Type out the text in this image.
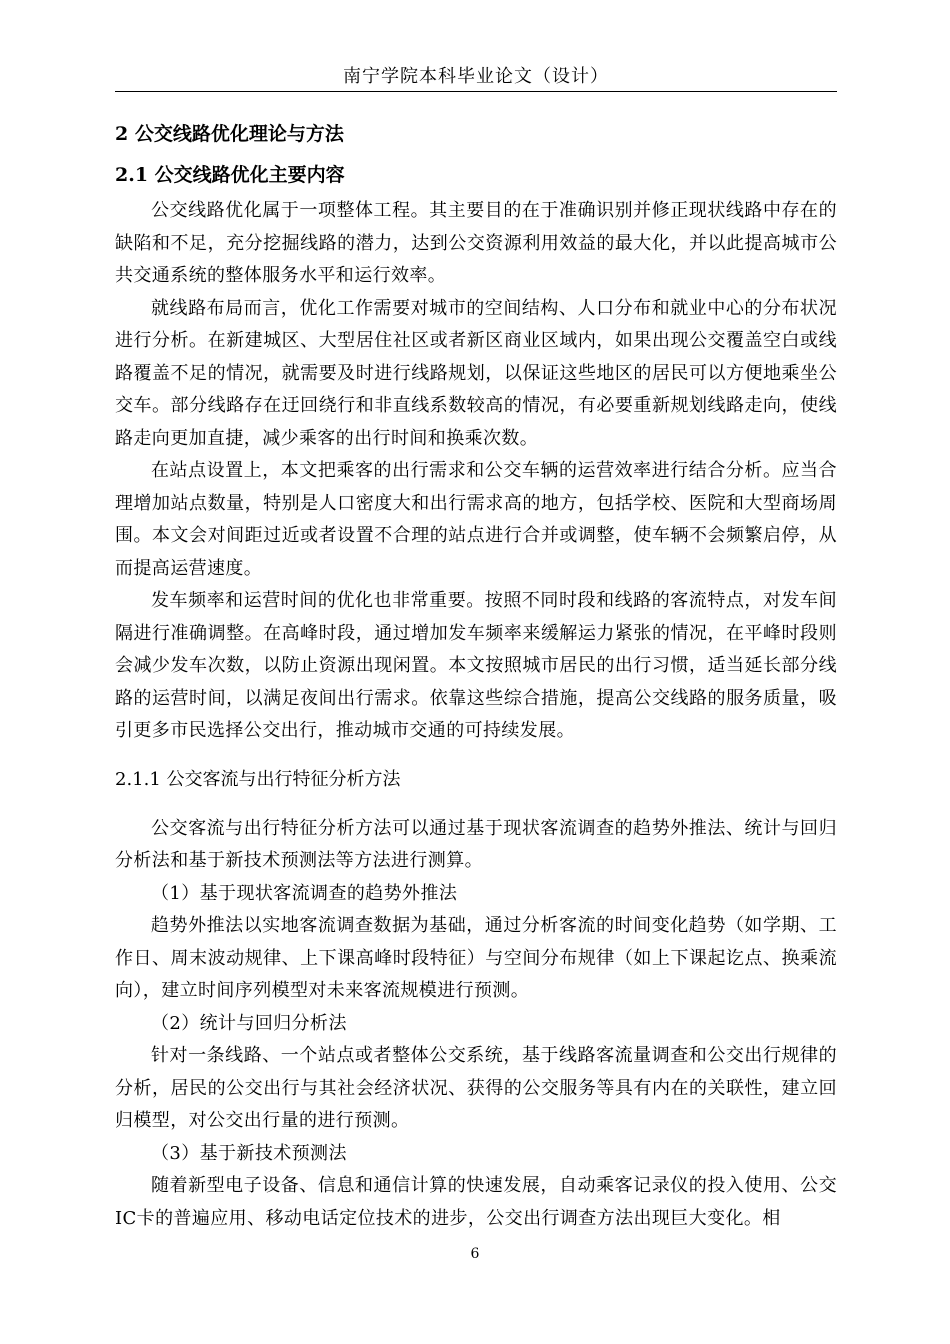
南宁学院本科毕业论文（设计）
2 公交线路优化理论与方法
2.1 公交线路优化主要内容

公交线路优化属于一项整体工程。其主要目的在于准确识别并修正现状线路中存在的缺陷和不足，充分挖掘线路的潜力，达到公交资源利用效益的最大化，并以此提高城市公共交通系统的整体服务水平和运行效率。

就线路布局而言，优化工作需要对城市的空间结构、人口分布和就业中心的分布状况进行分析。在新建城区、大型居住社区或者新区商业区域内，如果出现公交覆盖空白或线路覆盖不足的情况，就需要及时进行线路规划，以保证这些地区的居民可以方便地乘坐公交车。部分线路存在迂回绕行和非直线系数较高的情况，有必要重新规划线路走向，使线路走向更加直捷，减少乘客的出行时间和换乘次数。

在站点设置上，本文把乘客的出行需求和公交车辆的运营效率进行结合分析。应当合理增加站点数量，特别是人口密度大和出行需求高的地方，包括学校、医院和大型商场周围。本文会对间距过近或者设置不合理的站点进行合并或调整，使车辆不会频繁启停，从而提高运营速度。

发车频率和运营时间的优化也非常重要。按照不同时段和线路的客流特点，对发车间隔进行准确调整。在高峰时段，通过增加发车频率来缓解运力紧张的情况，在平峰时段则会减少发车次数，以防止资源出现闲置。本文按照城市居民的出行习惯，适当延长部分线路的运营时间，以满足夜间出行需求。依靠这些综合措施，提高公交线路的服务质量，吸引更多市民选择公交出行，推动城市交通的可持续发展。

2.1.1 公交客流与出行特征分析方法

公交客流与出行特征分析方法可以通过基于现状客流调查的趋势外推法、统计与回归分析法和基于新技术预测法等方法进行测算。

（1）基于现状客流调查的趋势外推法

趋势外推法以实地客流调查数据为基础，通过分析客流的时间变化趋势（如学期、工作日、周末波动规律、上下课高峰时段特征）与空间分布规律（如上下课起讫点、换乘流向），建立时间序列模型对未来客流规模进行预测。

（2）统计与回归分析法

针对一条线路、一个站点或者整体公交系统，基于线路客流量调查和公交出行规律的分析，居民的公交出行与其社会经济状况、获得的公交服务等具有内在的关联性，建立回归模型，对公交出行量的进行预测。

（3）基于新技术预测法

随着新型电子设备、信息和通信计算的快速发展，自动乘客记录仪的投入使用、公交IC卡的普遍应用、移动电话定位技术的进步，公交出行调查方法出现巨大变化。相

6
